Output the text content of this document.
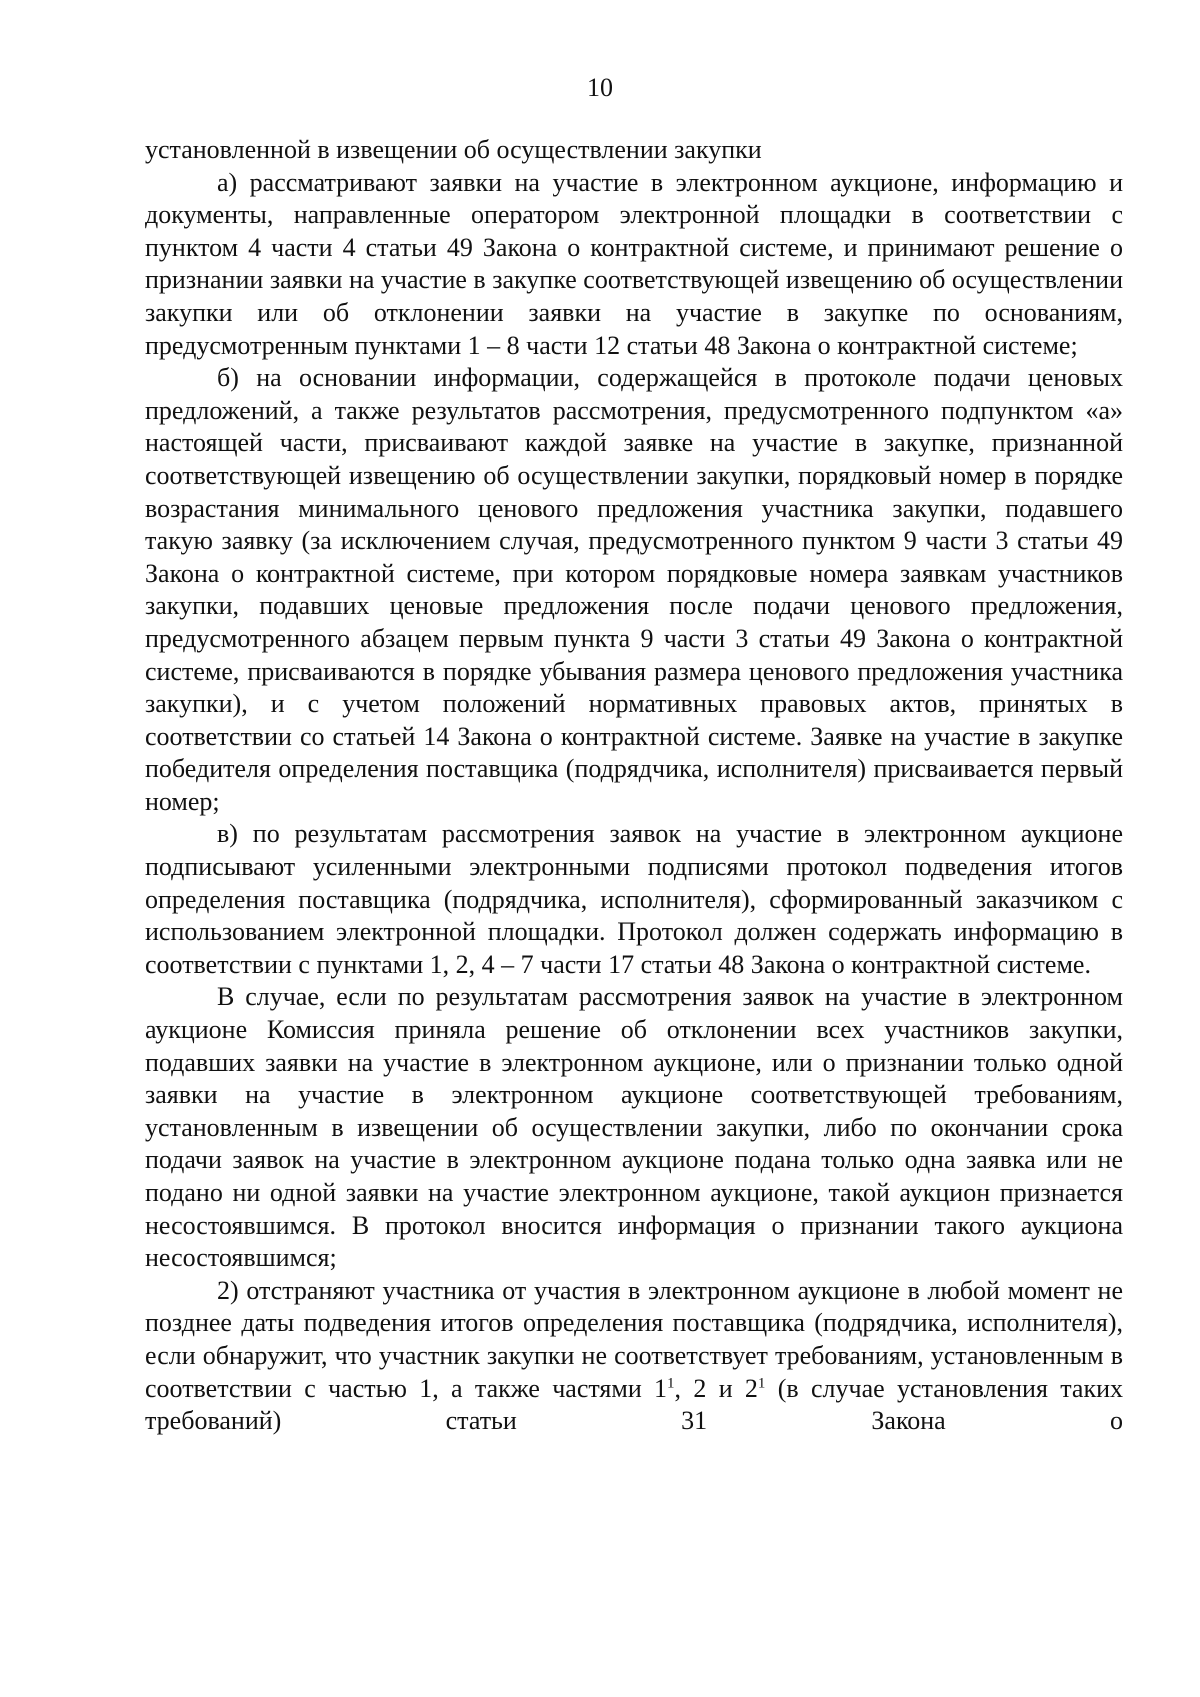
10

установленной в извещении об осуществлении закупки

а) рассматривают заявки на участие в электронном аукционе, информацию и документы, направленные оператором электронной площадки в соответствии с пунктом 4 части 4 статьи 49 Закона о контрактной системе, и принимают решение о признании заявки на участие в закупке соответствующей извещению об осуществлении закупки или об отклонении заявки на участие в закупке по основаниям, предусмотренным пунктами 1 – 8 части 12 статьи 48 Закона о контрактной системе;

б) на основании информации, содержащейся в протоколе подачи ценовых предложений, а также результатов рассмотрения, предусмотренного подпунктом «а» настоящей части, присваивают каждой заявке на участие в закупке, признанной соответствующей извещению об осуществлении закупки, порядковый номер в порядке возрастания минимального ценового предложения участника закупки, подавшего такую заявку (за исключением случая, предусмотренного пунктом 9 части 3 статьи 49 Закона о контрактной системе, при котором порядковые номера заявкам участников закупки, подавших ценовые предложения после подачи ценового предложения, предусмотренного абзацем первым пункта 9 части 3 статьи 49 Закона о контрактной системе, присваиваются в порядке убывания размера ценового предложения участника закупки), и с учетом положений нормативных правовых актов, принятых в соответствии со статьей 14 Закона о контрактной системе. Заявке на участие в закупке победителя определения поставщика (подрядчика, исполнителя) присваивается первый номер;

в) по результатам рассмотрения заявок на участие в электронном аукционе подписывают усиленными электронными подписями протокол подведения итогов определения поставщика (подрядчика, исполнителя), сформированный заказчиком с использованием электронной площадки. Протокол должен содержать информацию в соответствии с пунктами 1, 2, 4 – 7 части 17 статьи 48 Закона о контрактной системе.

В случае, если по результатам рассмотрения заявок на участие в электронном аукционе Комиссия приняла решение об отклонении всех участников закупки, подавших заявки на участие в электронном аукционе, или о признании только одной заявки на участие в электронном аукционе соответствующей требованиям, установленным в извещении об осуществлении закупки, либо по окончании срока подачи заявок на участие в электронном аукционе подана только одна заявка или не подано ни одной заявки на участие электронном аукционе, такой аукцион признается несостоявшимся. В протокол вносится информация о признании такого аукциона несостоявшимся;

2) отстраняют участника от участия в электронном аукционе в любой момент не позднее даты подведения итогов определения поставщика (подрядчика, исполнителя), если обнаружит, что участник закупки не соответствует требованиям, установленным в соответствии с частью 1, а также частями $1^1$, 2 и $2^1$ (в случае установления таких требований) статьи 31 Закона о
